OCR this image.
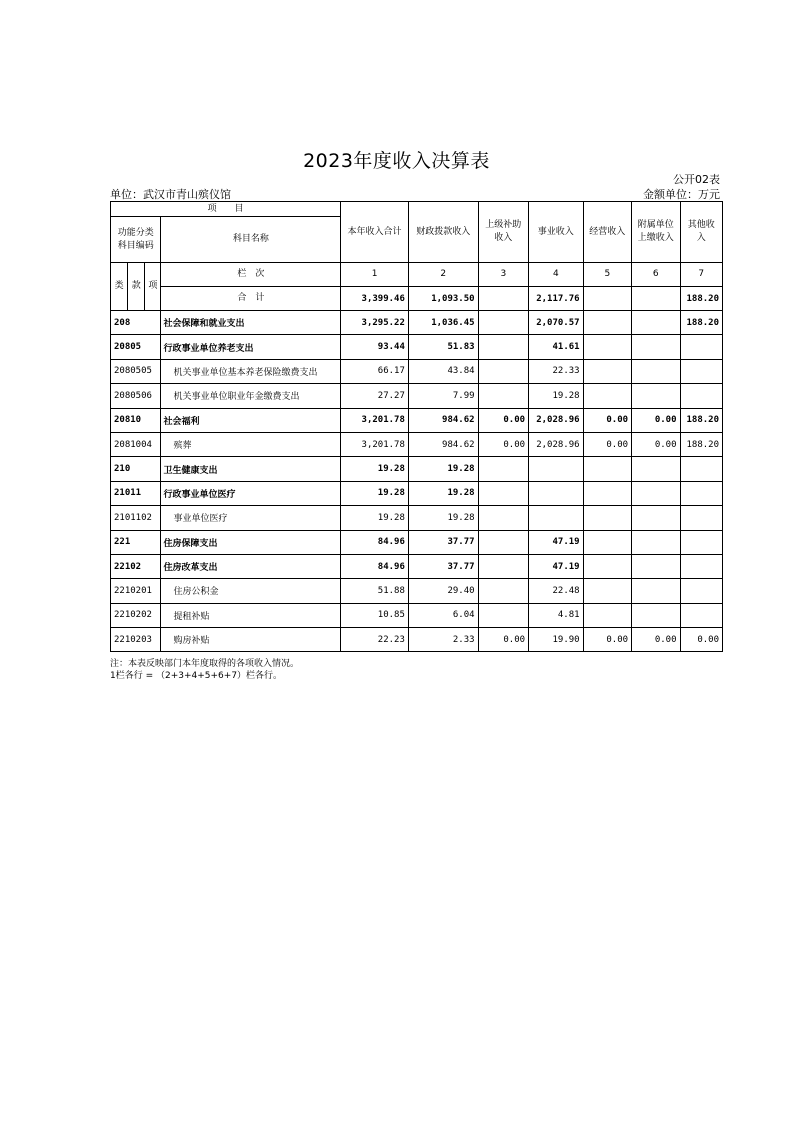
2023年度收入决算表
公开02表
单位：武汉市青山殡仪馆	金额单位：万元
项　　目				本年收入合计	财政拨款收入	上级补助收入	事业收入	经营收入	附属单位上缴收入	其他收入
功能分类科目编码			科目名称							

类	款	项	栏　次	1	2	3	4	5	6	7
			合　计	3,399.46	1,093.50		2,117.76			188.20
208			社会保障和就业支出	3,295.22	1,036.45		2,070.57			188.20
20805			行政事业单位养老支出	93.44	51.83		41.61			
2080505			机关事业单位基本养老保险缴费支出	66.17	43.84		22.33			
2080506			机关事业单位职业年金缴费支出	27.27	7.99		19.28			
20810			社会福利	3,201.78	984.62	0.00	2,028.96	0.00	0.00	188.20
2081004			殡葬	3,201.78	984.62	0.00	2,028.96	0.00	0.00	188.20
210			卫生健康支出	19.28	19.28					
21011			行政事业单位医疗	19.28	19.28					
2101102			事业单位医疗	19.28	19.28					
221			住房保障支出	84.96	37.77		47.19			
22102			住房改革支出	84.96	37.77		47.19			
2210201			住房公积金	51.88	29.40		22.48			
2210202			提租补贴	10.85	6.04		4.81			
2210203			购房补贴	22.23	2.33	0.00	19.90	0.00	0.00	0.00
注：本表反映部门本年度取得的各项收入情况。
1栏各行 = （2+3+4+5+6+7）栏各行。
